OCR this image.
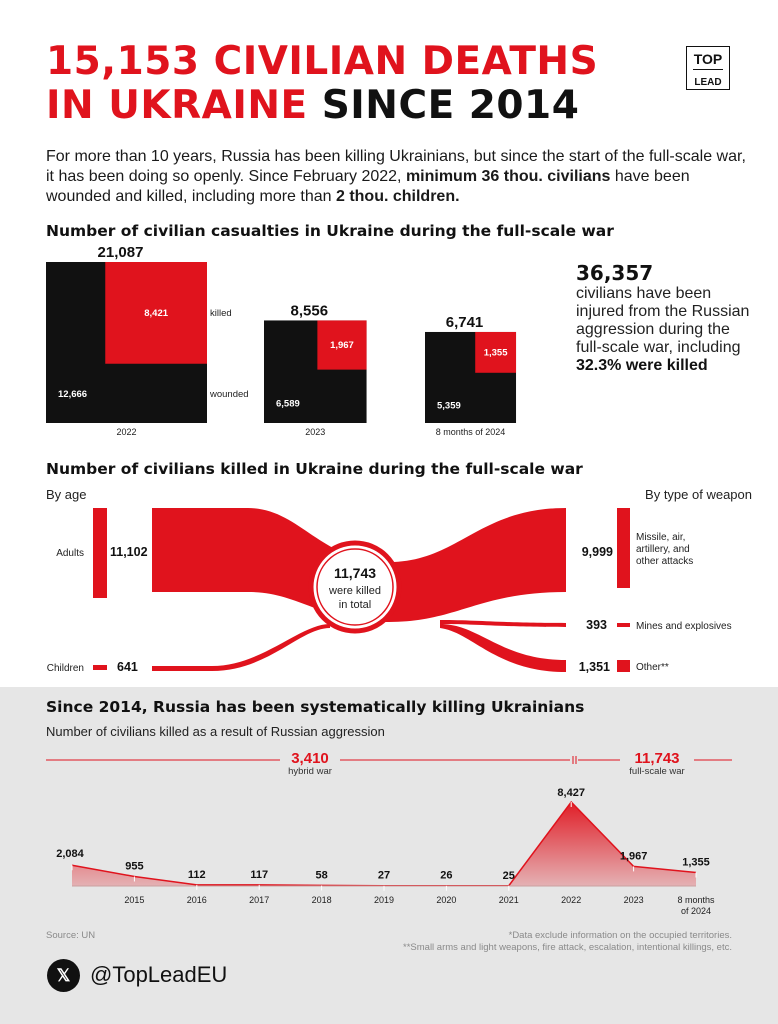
15,153 CIVILIAN DEATHS
IN UKRAINE SINCE 2014
TOP
LEAD
For more than 10 years, Russia has been killing Ukrainians, but since the start of the full-scale war, it has been doing so openly. Since February 2022, minimum 36 thou. civilians have been wounded and killed, including more than 2 thou. children.
Number of civilian casualties in Ukraine during the full-scale war
21,087
8,421
12,666
2022
killed
wounded
8,556
1,967
6,589
2023
6,741
1,355
5,359
8 months of 2024
36,357
civilians have been injured from the Russian aggression during the full-scale war, including 32.3% were killed
Number of civilians killed in Ukraine during the full-scale war
By age	By type of weapon
Adults 11,102
Children	641
11,743
were killed
in total
9,999
Missile, air,
artillery, and
other attacks
393	Mines and explosives
1,351	Other**
Since 2014, Russia has been systematically killing Ukrainians
Number of civilians killed as a result of Russian aggression
3,410
hybrid war
11,743
full-scale war
2,084
955
2015
112
2016
117
2017
58
2018
27
2019
26
2020
25
2021
8,427
2022
1,967
2023
1,355
8 months
of 2024
Source: UN	*Data exclude information on the occupied territories.
**Small arms and light weapons, fire attack, escalation, intentional killings, etc.
𝕏 @TopLeadEU
